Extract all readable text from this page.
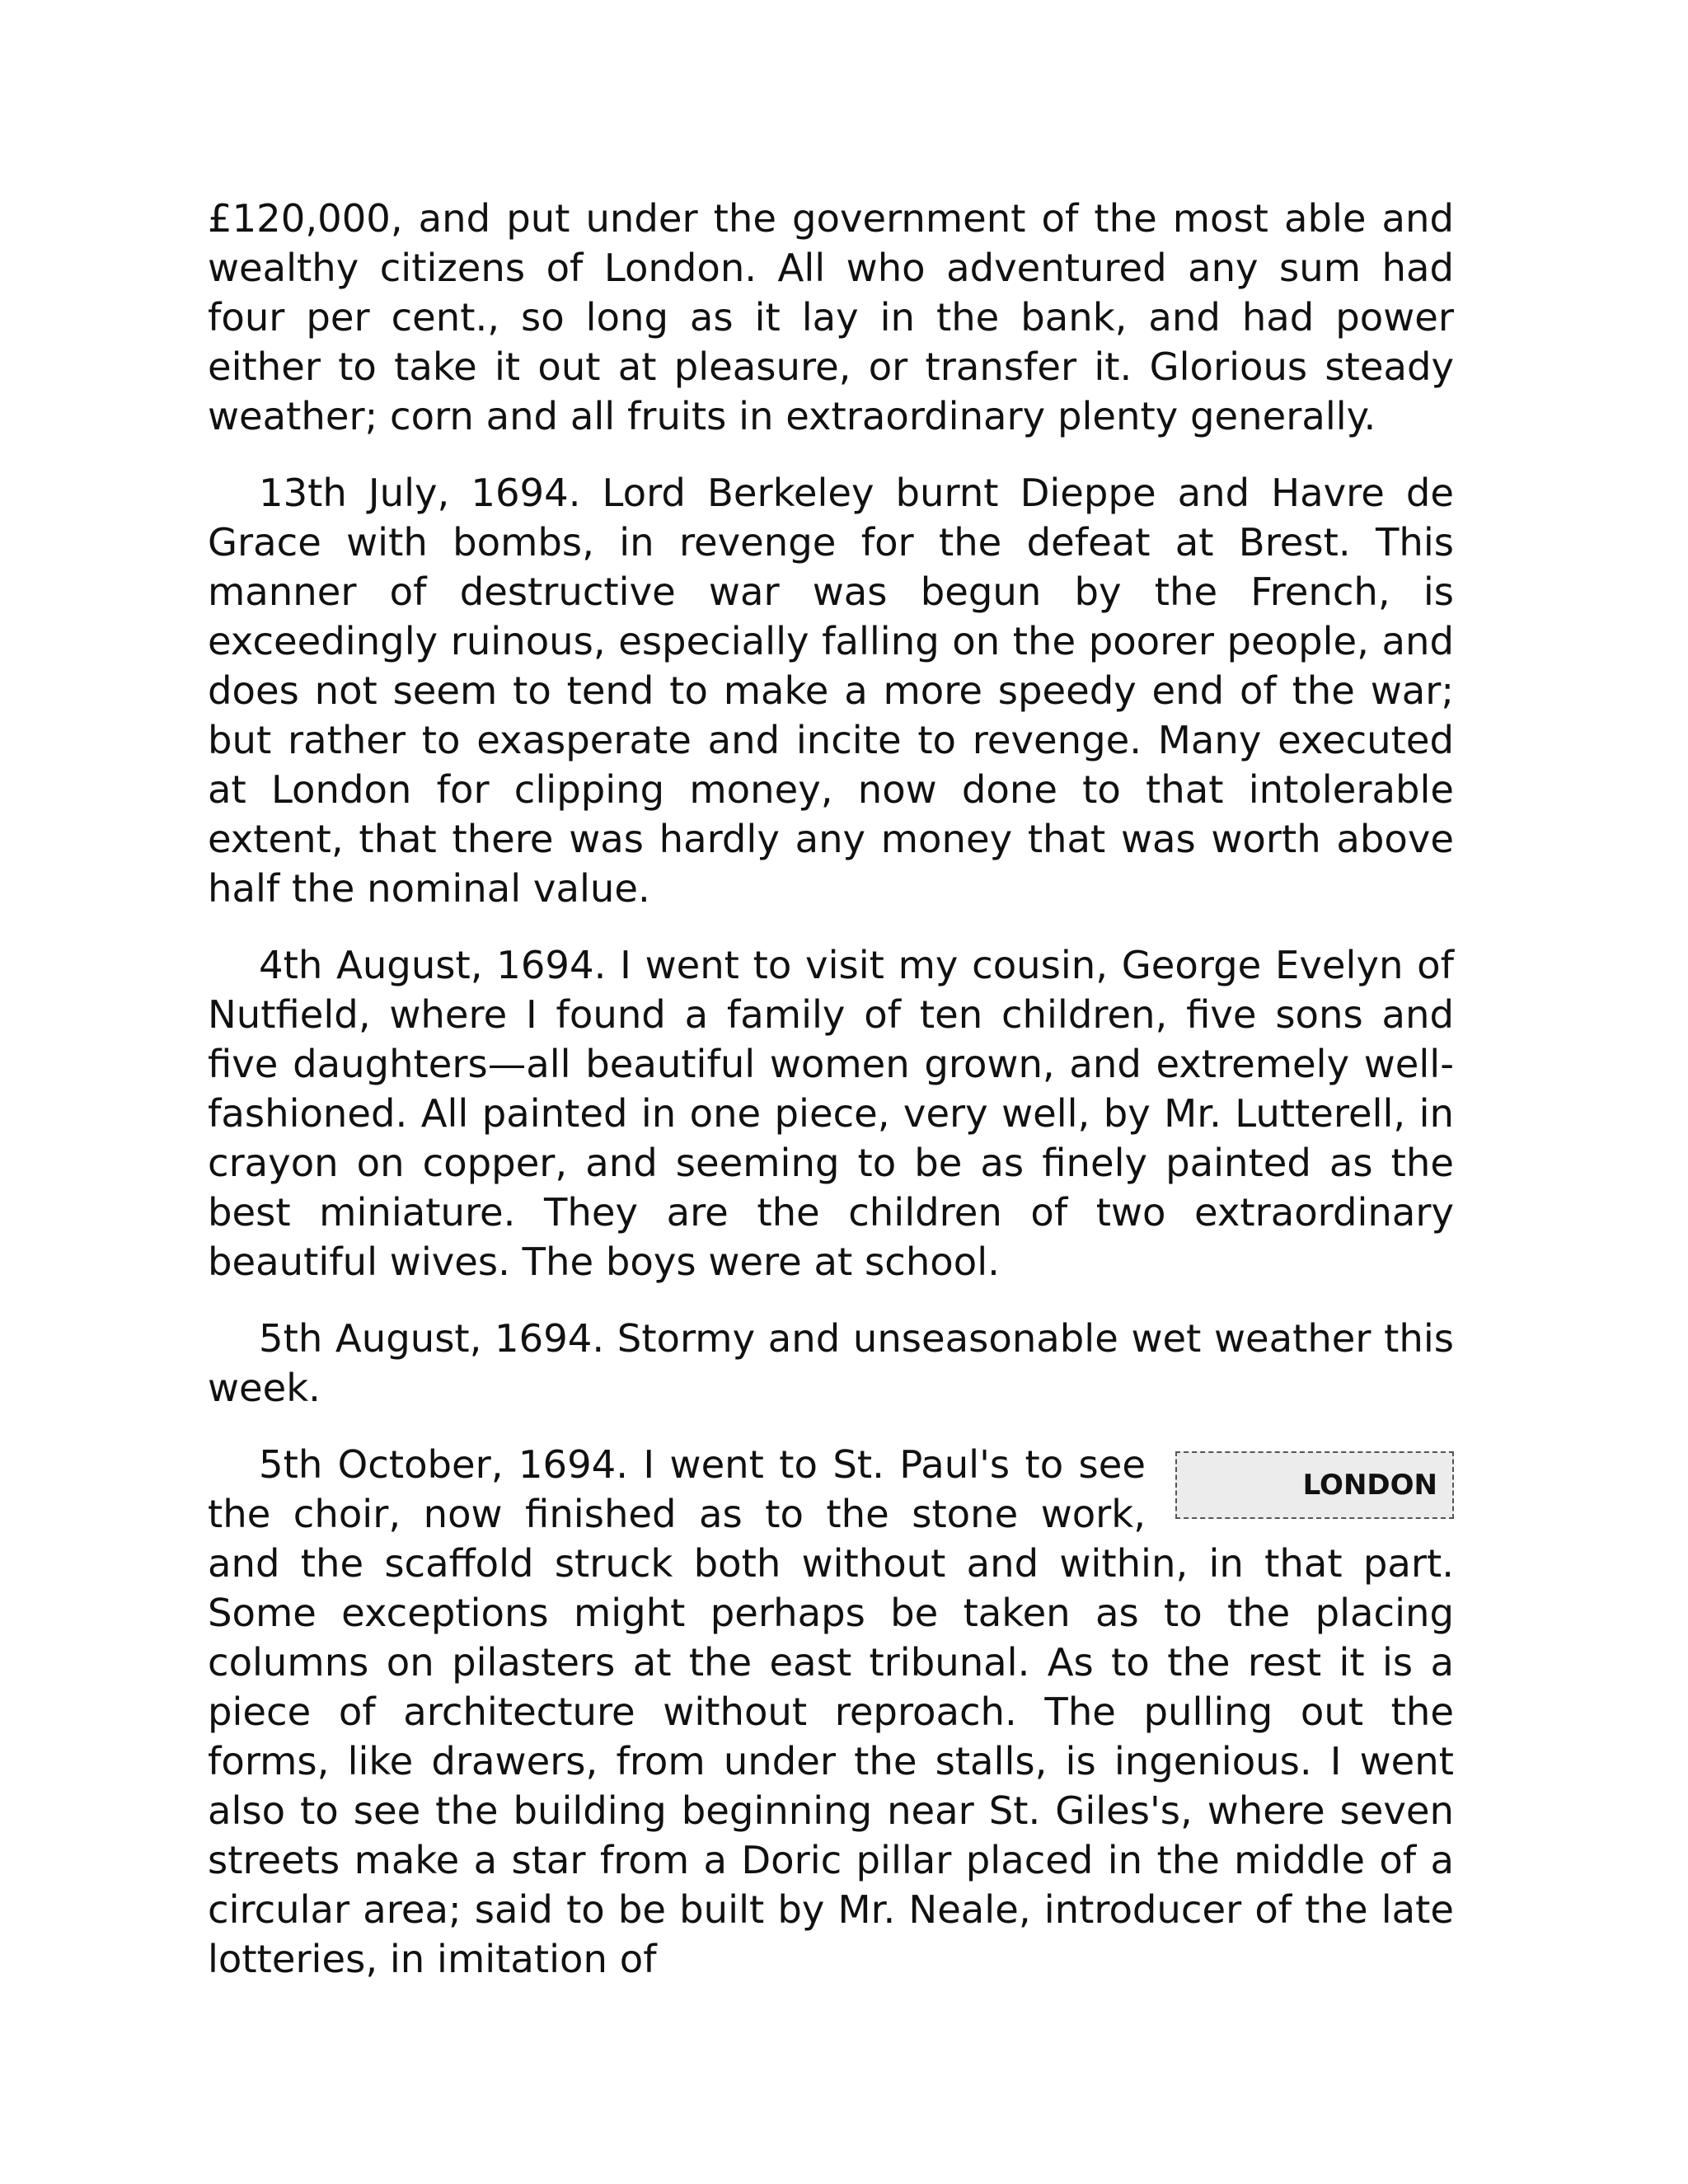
£120,000, and put under the government of the most able and wealthy citizens of London. All who adventured any sum had four per cent., so long as it lay in the bank, and had power either to take it out at pleasure, or transfer it. Glorious steady weather; corn and all fruits in extraordinary plenty generally.

13th July, 1694. Lord Berkeley burnt Dieppe and Havre de Grace with bombs, in revenge for the defeat at Brest. This manner of destructive war was begun by the French, is exceedingly ruinous, especially falling on the poorer people, and does not seem to tend to make a more speedy end of the war; but rather to exasperate and incite to revenge. Many executed at London for clipping money, now done to that intolerable extent, that there was hardly any money that was worth above half the nominal value.

4th August, 1694. I went to visit my cousin, George Evelyn of Nutfield, where I found a family of ten children, five sons and five daughters—all beautiful women grown, and extremely well-fashioned. All painted in one piece, very well, by Mr. Lutterell, in crayon on copper, and seeming to be as finely painted as the best miniature. They are the children of two extraordinary beautiful wives. The boys were at school.

5th August, 1694. Stormy and unseasonable wet weather this week.

LONDON

5th October, 1694. I went to St. Paul's to see the choir, now finished as to the stone work, and the scaffold struck both without and within, in that part. Some exceptions might perhaps be taken as to the placing columns on pilasters at the east tribunal. As to the rest it is a piece of architecture without reproach. The pulling out the forms, like drawers, from under the stalls, is ingenious. I went also to see the building beginning near St. Giles's, where seven streets make a star from a Doric pillar placed in the middle of a circular area; said to be built by Mr. Neale, introducer of the late lotteries, in imitation of
